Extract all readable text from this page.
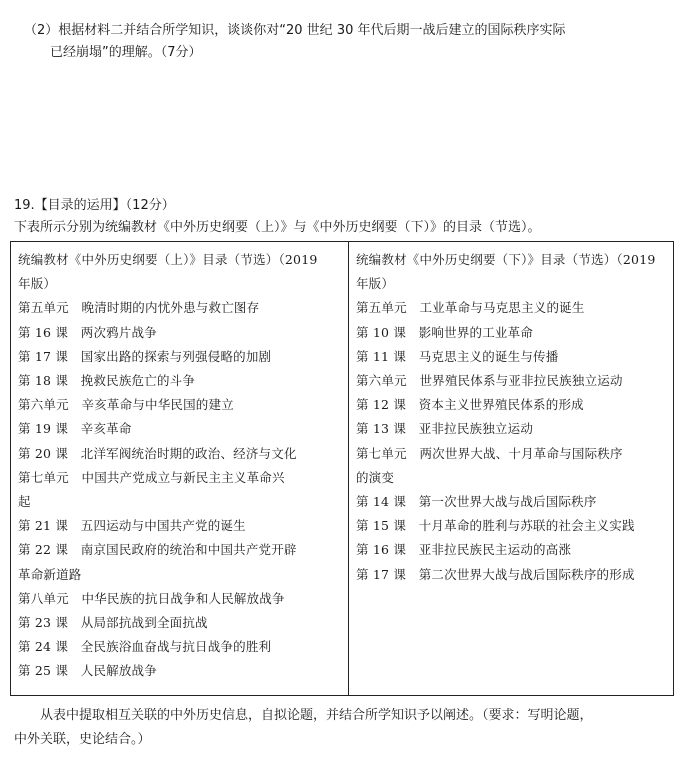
（2）根据材料二并结合所学知识，谈谈你对“20 世纪 30 年代后期一战后建立的国际秩序实际
已经崩塌”的理解。（7分）
19.【目录的运用】（12分）
下表所示分别为统编教材《中外历史纲要（上）》与《中外历史纲要（下）》的目录（节选）。
统编教材《中外历史纲要（上）》目录（节选）（2019
年版）
第五单元　晚清时期的内忧外患与救亡图存
第 16 课　两次鸦片战争
第 17 课　国家出路的探索与列强侵略的加剧
第 18 课　挽救民族危亡的斗争
第六单元　辛亥革命与中华民国的建立
第 19 课　辛亥革命
第 20 课　北洋军阀统治时期的政治、经济与文化
第七单元　中国共产党成立与新民主主义革命兴
起
第 21 课　五四运动与中国共产党的诞生
第 22 课　南京国民政府的统治和中国共产党开辟
革命新道路
第八单元　中华民族的抗日战争和人民解放战争
第 23 课　从局部抗战到全面抗战
第 24 课　全民族浴血奋战与抗日战争的胜利
第 25 课　人民解放战争
统编教材《中外历史纲要（下）》目录（节选）（2019
年版）
第五单元　工业革命与马克思主义的诞生
第 10 课　影响世界的工业革命
第 11 课　马克思主义的诞生与传播
第六单元　世界殖民体系与亚非拉民族独立运动
第 12 课　资本主义世界殖民体系的形成
第 13 课　亚非拉民族独立运动
第七单元　两次世界大战、十月革命与国际秩序
的演变
第 14 课　第一次世界大战与战后国际秩序
第 15 课　十月革命的胜利与苏联的社会主义实践
第 16 课　亚非拉民族民主运动的高涨
第 17 课　第二次世界大战与战后国际秩序的形成
从表中提取相互关联的中外历史信息，自拟论题，并结合所学知识予以阐述。（要求：写明论题，
中外关联，史论结合。）
